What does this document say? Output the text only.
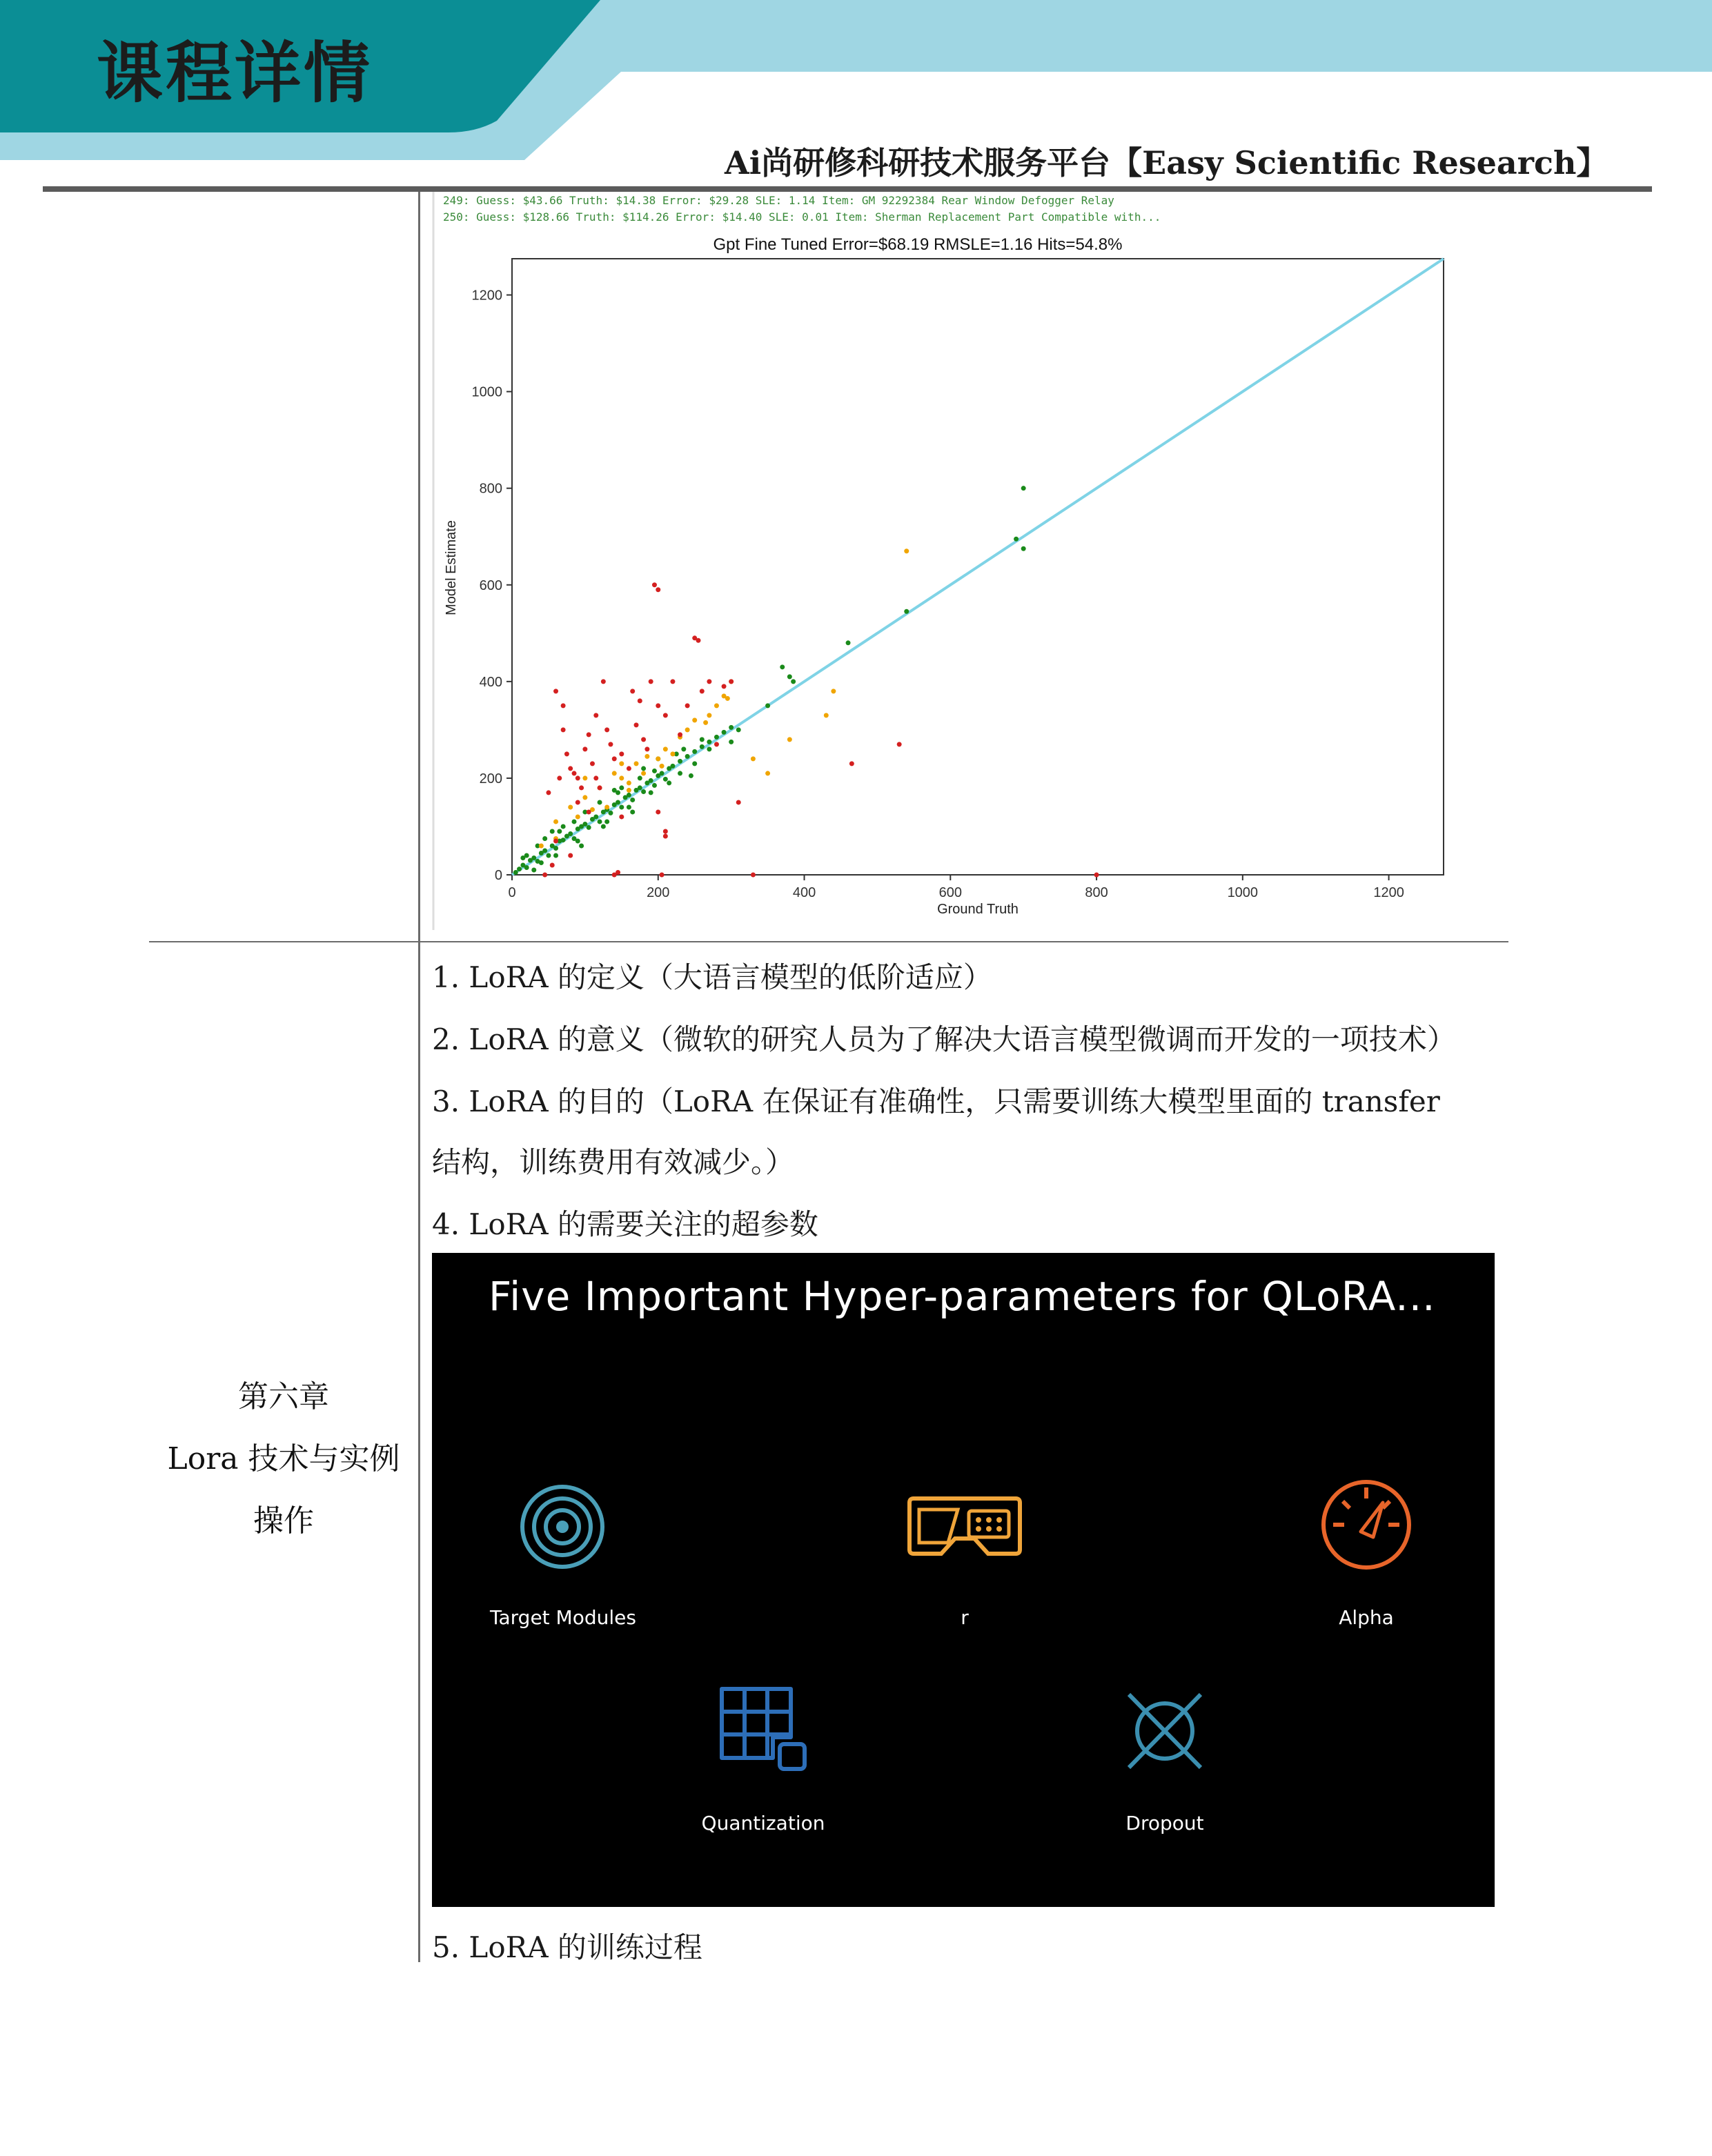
课程详情
Ai尚研修科研技术服务平台【Easy Scientific Research】
第六章
Lora 技术与实例
操作
249: Guess: $43.66 Truth: $14.38 Error: $29.28 SLE: 1.14 Item: GM 92292384 Rear Window Defogger Relay
250: Guess: $128.66 Truth: $114.26 Error: $14.40 SLE: 0.01 Item: Sherman Replacement Part Compatible with...
Gpt Fine Tuned Error=$68.19 RMSLE=1.16 Hits=54.8%
0	200	400	600	800	1000	1200
0
200
400
600
800
1000
1200
Ground Truth
Model Estimate
1. LoRA 的定义（大语言模型的低阶适应）
2. LoRA 的意义（微软的研究人员为了解决大语言模型微调而开发的一项技术）
3. LoRA 的目的（LoRA 在保证有准确性，只需要训练大模型里面的 transfer
结构，训练费用有效减少。）
4. LoRA 的需要关注的超参数
Five Important Hyper-parameters for QLoRA...
Target Modules	r	Alpha
Quantization	Dropout
5. LoRA 的训练过程
